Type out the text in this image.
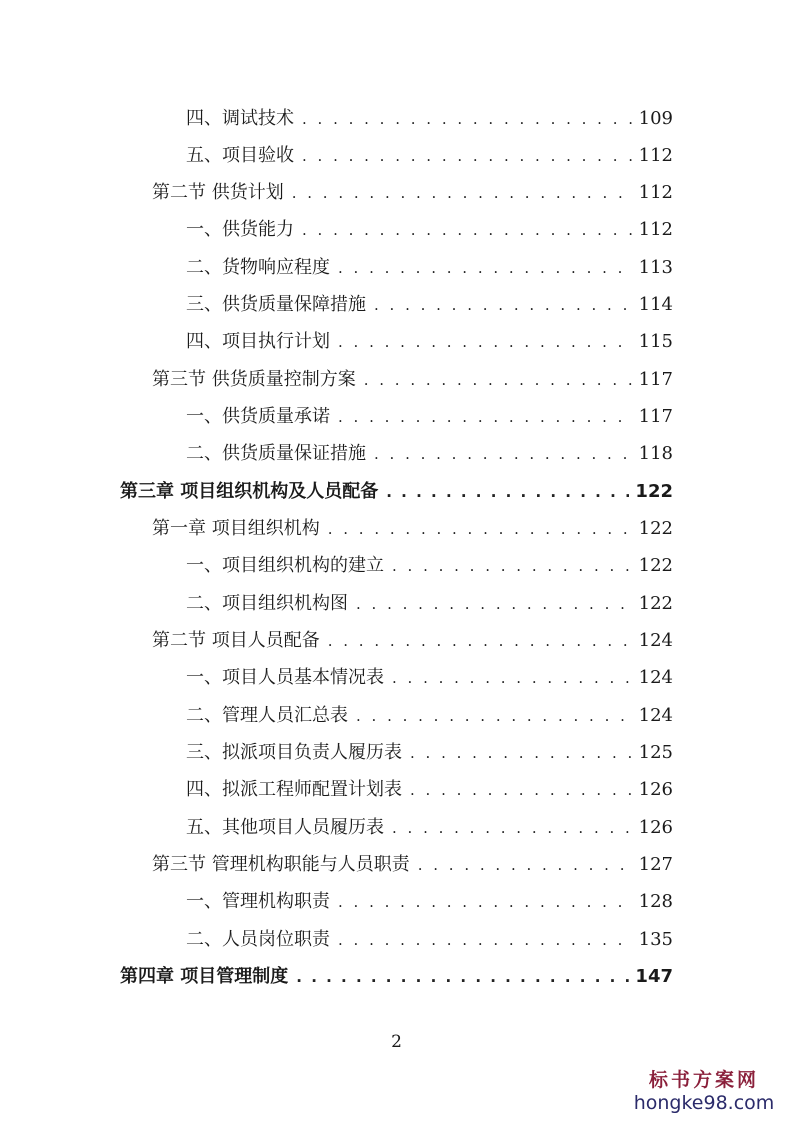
四、调试技术 . . .	109
五、项目验收 . . .	112
第二节 供货计划 . . .	112
一、供货能力 . . .	112
二、货物响应程度 . . .	113
三、供货质量保障措施 . . .	114
四、项目执行计划 . . .	115
第三节 供货质量控制方案 . . .	117
一、供货质量承诺 . . .	117
二、供货质量保证措施 . . .	118
第三章 项目组织机构及人员配备 . . .	122
第一章 项目组织机构 . . .	122
一、项目组织机构的建立 . . .	122
二、项目组织机构图 . . .	122
第二节 项目人员配备 . . .	124
一、项目人员基本情况表 . . .	124
二、管理人员汇总表 . . .	124
三、拟派项目负责人履历表 . . .	125
四、拟派工程师配置计划表 . . .	126
五、其他项目人员履历表 . . .	126
第三节 管理机构职能与人员职责 . . .	127
一、管理机构职责 . . .	128
二、人员岗位职责 . . .	135
第四章 项目管理制度 . . .	147
2
标书方案网
hongke98.com
